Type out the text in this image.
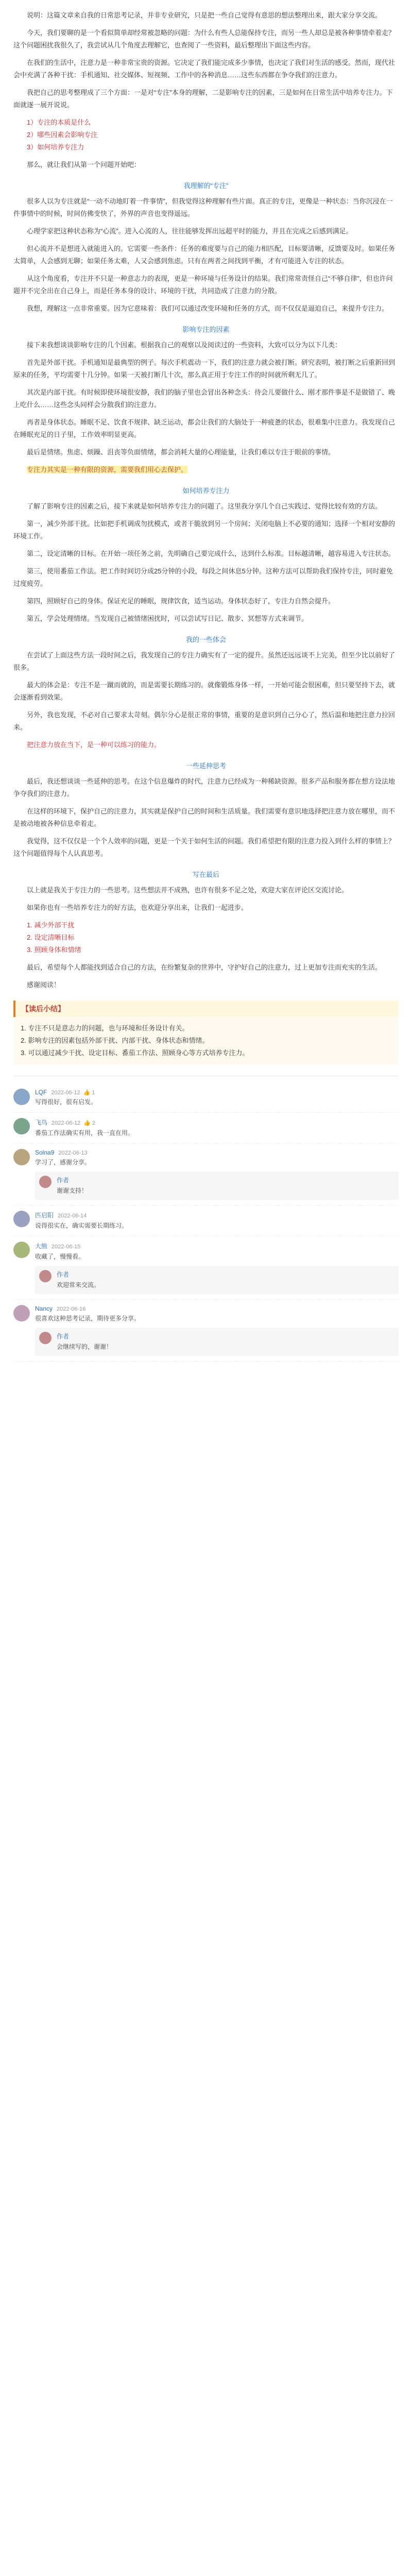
说明：这篇文章来自我的日常思考记录，并非专业研究，只是把一些自己觉得有意思的想法整理出来，跟大家分享交流。

今天，我们要聊的是一个看似简单却经常被忽略的问题：为什么有些人总能保持专注，而另一些人却总是被各种事情牵着走？这个问题困扰我很久了，我尝试从几个角度去理解它，也查阅了一些资料，最后整理出下面这些内容。

在我们的生活中，注意力是一种非常宝贵的资源。它决定了我们能完成多少事情，也决定了我们对生活的感受。然而，现代社会中充满了各种干扰：手机通知、社交媒体、短视频、工作中的各种消息……这些东西都在争夺我们的注意力。

我把自己的思考整理成了三个方面：一是对“专注”本身的理解，二是影响专注的因素，三是如何在日常生活中培养专注力。下面就逐一展开说说。

1）专注的本质是什么
2）哪些因素会影响专注
3）如何培养专注力

那么，就让我们从第一个问题开始吧：

我理解的“专注”

很多人以为专注就是“一动不动地盯着一件事情”，但我觉得这种理解有些片面。真正的专注，更像是一种状态：当你沉浸在一件事情中的时候，时间仿佛变快了，外界的声音也变得遥远。

心理学家把这种状态称为“心流”。进入心流的人，往往能够发挥出远超平时的能力，并且在完成之后感到满足。

但心流并不是想进入就能进入的。它需要一些条件：任务的难度要与自己的能力相匹配，目标要清晰，反馈要及时。如果任务太简单，人会感到无聊；如果任务太难，人又会感到焦虑。只有在两者之间找到平衡，才有可能进入专注的状态。

从这个角度看，专注并不只是一种意志力的表现，更是一种环境与任务设计的结果。我们常常责怪自己“不够自律”，但也许问题并不完全出在自己身上，而是任务本身的设计、环境的干扰，共同造成了注意力的分散。

我想，理解这一点非常重要。因为它意味着：我们可以通过改变环境和任务的方式，而不仅仅是逼迫自己，来提升专注力。

影响专注的因素

接下来我想谈谈影响专注的几个因素。根据我自己的观察以及阅读过的一些资料，大致可以分为以下几类：

首先是外部干扰。手机通知是最典型的例子。每次手机震动一下，我们的注意力就会被打断。研究表明，被打断之后重新回到原来的任务，平均需要十几分钟。如果一天被打断几十次，那么真正用于专注工作的时间就所剩无几了。

其次是内部干扰。有时候即使环境很安静，我们的脑子里也会冒出各种念头：待会儿要做什么、刚才那件事是不是做错了、晚上吃什么……这些念头同样会分散我们的注意力。

再者是身体状态。睡眠不足、饮食不规律、缺乏运动，都会让我们的大脑处于一种疲惫的状态，很难集中注意力。我发现自己在睡眠充足的日子里，工作效率明显更高。

最后是情绪。焦虑、烦躁、沮丧等负面情绪，都会消耗大量的心理能量，让我们难以专注于眼前的事情。

专注力其实是一种有限的资源，需要我们用心去保护。

如何培养专注力

了解了影响专注的因素之后，接下来就是如何培养专注力的问题了。这里我分享几个自己实践过、觉得比较有效的方法。

第一，减少外部干扰。比如把手机调成勿扰模式，或者干脆放到另一个房间；关闭电脑上不必要的通知；选择一个相对安静的环境工作。

第二，设定清晰的目标。在开始一项任务之前，先明确自己要完成什么，达到什么标准。目标越清晰，越容易进入专注状态。

第三，使用番茄工作法。把工作时间切分成25分钟的小段，每段之间休息5分钟。这种方法可以帮助我们保持专注，同时避免过度疲劳。

第四，照顾好自己的身体。保证充足的睡眠，规律饮食，适当运动。身体状态好了，专注力自然会提升。

第五，学会处理情绪。当发现自己被情绪困扰时，可以尝试写日记、散步、冥想等方式来调节。

我的一些体会

在尝试了上面这些方法一段时间之后，我发现自己的专注力确实有了一定的提升。虽然还远远谈不上完美，但至少比以前好了很多。

最大的体会是：专注不是一蹴而就的，而是需要长期练习的。就像锻炼身体一样，一开始可能会很困难，但只要坚持下去，就会逐渐看到效果。

另外，我也发现，不必对自己要求太苛刻。偶尔分心是很正常的事情，重要的是意识到自己分心了，然后温和地把注意力拉回来。

把注意力放在当下，是一种可以练习的能力。

一些延伸思考

最后，我还想谈谈一些延伸的思考。在这个信息爆炸的时代，注意力已经成为一种稀缺资源。很多产品和服务都在想方设法地争夺我们的注意力。

在这样的环境下，保护自己的注意力，其实就是保护自己的时间和生活质量。我们需要有意识地选择把注意力放在哪里，而不是被动地被各种信息牵着走。

我觉得，这不仅仅是一个个人效率的问题，更是一个关于如何生活的问题。我们希望把有限的注意力投入到什么样的事情上？这个问题值得每个人认真思考。

写在最后

以上就是我关于专注力的一些思考。这些想法并不成熟，也许有很多不足之处，欢迎大家在评论区交流讨论。

如果你也有一些培养专注力的好方法，也欢迎分享出来，让我们一起进步。

1. 减少外部干扰
2. 设定清晰目标
3. 照顾身体和情绪

最后，希望每个人都能找到适合自己的方法，在纷繁复杂的世界中，守护好自己的注意力，过上更加专注而充实的生活。

感谢阅读！

【读后小结】

1. 专注不只是意志力的问题，也与环境和任务设计有关。

2. 影响专注的因素包括外部干扰、内部干扰、身体状态和情绪。

3. 可以通过减少干扰、设定目标、番茄工作法、照顾身心等方式培养专注力。

LQF 2022-06-12 👍 1
写得很好，很有启发。
飞鸟 2022-06-12 👍 2
番茄工作法确实有用，我一直在用。
Solna9 2022-06-13
学习了，感谢分享。
作者
谢谢支持！
匹启阳 2022-06-14
说得很实在，确实需要长期练习。
大熊 2022-06-15
收藏了，慢慢看。
作者
欢迎常来交流。
Nancy 2022-06-16
很喜欢这种思考记录，期待更多分享。
作者
会继续写的，谢谢！
